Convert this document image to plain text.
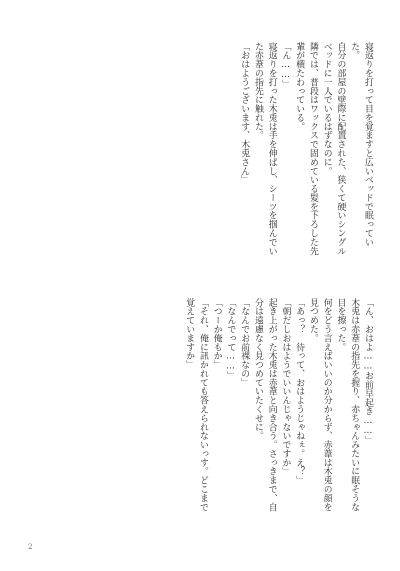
寝返りを打って目を覚ますと広いベッドで眠っていた。

自分の部屋の壁際に配置された、狭くて硬いシングルベッドに一人でいるはずなのに。

隣では、普段はワックスで固めている髪を下ろした先輩が横たわっている。

「ん……」

寝返りを打った木兎は手を伸ばし、シーツを掴んでいた赤葦の指先に触れた。

「おはようございます、木兎さん」

「ん、おはよ……お前早起き……」

木兎は赤葦の指先を握り、赤ちゃんみたいに眠そうな目を擦った。

何をどう言えばいいのか分からず、赤葦は木兎の顔を見つめた。

「あっ？　待って、おはようじゃねぇ。え？」

「朝だしおはようでいいんじゃないですか」

起き上がった木兎は赤葦と向き合う。さっきまで、自分は遠慮なく見つめていたくせに。

「なんでお前裸なの」

「なんでって……」

「つーか俺もか」

「それ、俺に訊かれても答えられないっす。どこまで覚えていますか」

2
